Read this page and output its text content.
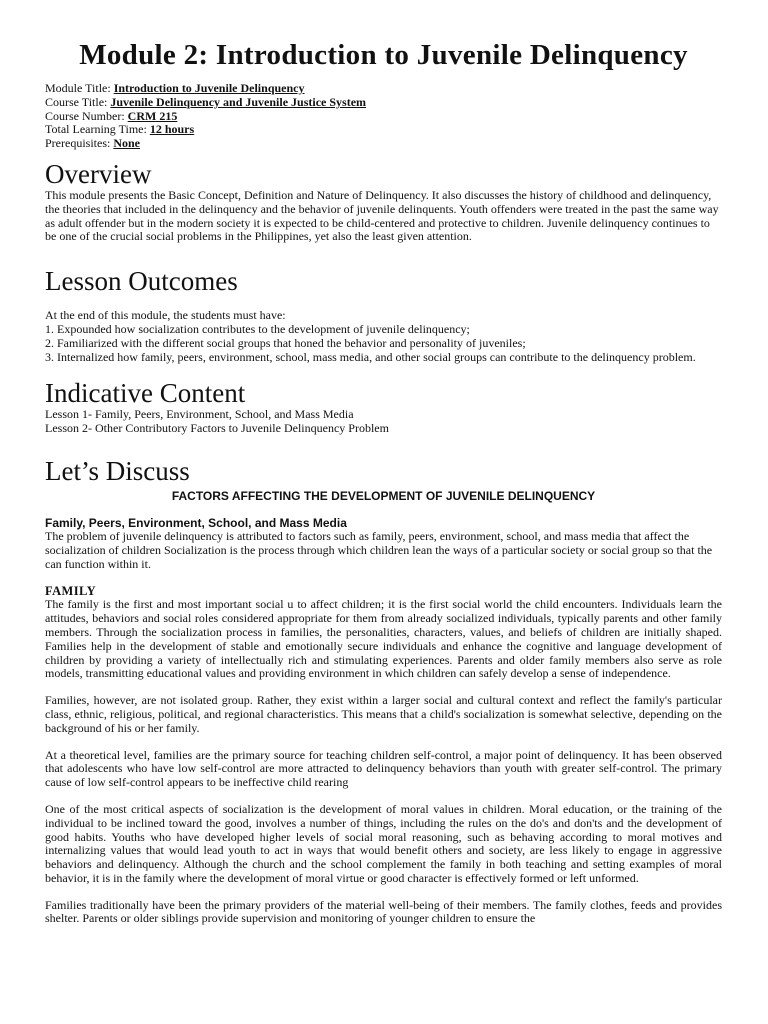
Module 2: Introduction to Juvenile Delinquency
Module Title: Introduction to Juvenile Delinquency
Course Title: Juvenile Delinquency and Juvenile Justice System
Course Number: CRM 215
Total Learning Time: 12 hours
Prerequisites: None
Overview

This module presents the Basic Concept, Definition and Nature of Delinquency. It also discusses the history of childhood and delinquency, the theories that included in the delinquency and the behavior of juvenile delinquents. Youth offenders were treated in the past the same way as adult offender but in the modern society it is expected to be child-centered and protective to children. Juvenile delinquency continues to be one of the crucial social problems in the Philippines, yet also the least given attention.

Lesson Outcomes

At the end of this module, the students must have:

1. Expounded how socialization contributes to the development of juvenile delinquency;

2. Familiarized with the different social groups that honed the behavior and personality of juveniles;

3. Internalized how family, peers, environment, school, mass media, and other social groups can contribute to the delinquency problem.

Indicative Content

Lesson 1- Family, Peers, Environment, School, and Mass Media

Lesson 2- Other Contributory Factors to Juvenile Delinquency Problem

Let’s Discuss
FACTORS AFFECTING THE DEVELOPMENT OF JUVENILE DELINQUENCY
Family, Peers, Environment, School, and Mass Media

The problem of juvenile delinquency is attributed to factors such as family, peers, environment, school, and mass media that affect the socialization of children Socialization is the process through which children lean the ways of a particular society or social group so that the can function within it.

FAMILY

The family is the first and most important social u to affect children; it is the first social world the child encounters. Individuals learn the attitudes, behaviors and social roles considered appropriate for them from already socialized individuals, typically parents and other family members. Through the socialization process in families, the personalities, characters, values, and beliefs of children are initially shaped. Families help in the development of stable and emotionally secure individuals and enhance the cognitive and language development of children by providing a variety of intellectually rich and stimulating experiences. Parents and older family members also serve as role models, transmitting educational values and providing environment in which children can safely develop a sense of independence.

Families, however, are not isolated group. Rather, they exist within a larger social and cultural context and reflect the family's particular class, ethnic, religious, political, and regional characteristics. This means that a child's socialization is somewhat selective, depending on the background of his or her family.

At a theoretical level, families are the primary source for teaching children self-control, a major point of delinquency. It has been observed that adolescents who have low self-control are more attracted to delinquency behaviors than youth with greater self-control. The primary cause of low self-control appears to be ineffective child rearing

One of the most critical aspects of socialization is the development of moral values in children. Moral education, or the training of the individual to be inclined toward the good, involves a number of things, including the rules on the do's and don'ts and the development of good habits. Youths who have developed higher levels of social moral reasoning, such as behaving according to moral motives and internalizing values that would lead youth to act in ways that would benefit others and society, are less likely to engage in aggressive behaviors and delinquency. Although the church and the school complement the family in both teaching and setting examples of moral behavior, it is in the family where the development of moral virtue or good character is effectively formed or left unformed.

Families traditionally have been the primary providers of the material well-being of their members. The family clothes, feeds and provides shelter. Parents or older siblings provide supervision and monitoring of younger children to ensure the
